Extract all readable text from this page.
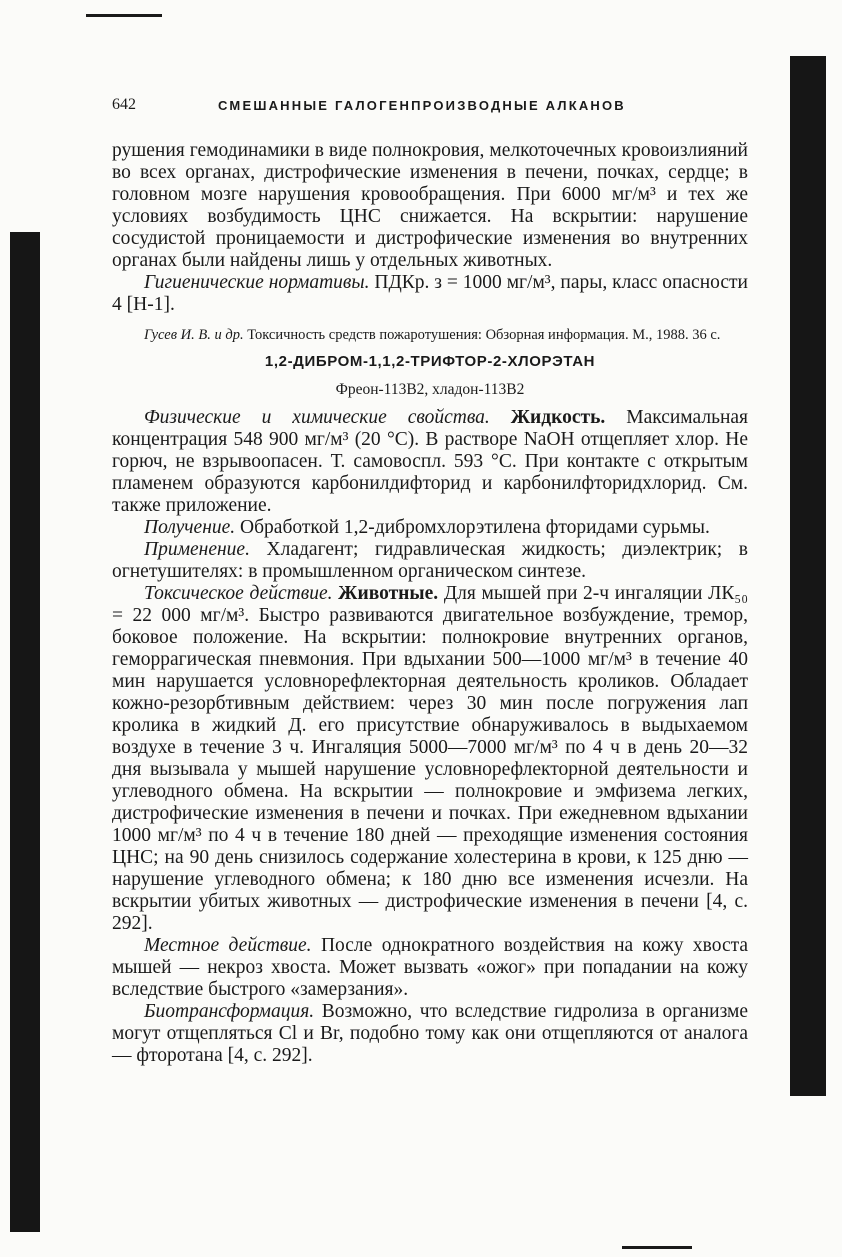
642	СМЕШАННЫЕ ГАЛОГЕНПРОИЗВОДНЫЕ АЛКАНОВ

рушения гемодинамики в виде полнокровия, мелкоточечных кровоизлияний во всех органах, дистрофические изменения в печени, почках, сердце; в головном мозге нарушения кровообращения. При 6000 мг/м³ и тех же условиях возбудимость ЦНС снижается. На вскрытии: нарушение сосудистой проницаемости и дистрофические изменения во внутренних органах были найдены лишь у отдельных животных.

Гигиенические нормативы. ПДКр. з = 1000 мг/м³, пары, класс опасности 4 [Н-1].

Гусев И. В. и др. Токсичность средств пожаротушения: Обзорная информация. М., 1988. 36 с.

1,2-ДИБРОМ-1,1,2-ТРИФТОР-2-ХЛОРЭТАН

Фреон-113В2, хладон-113В2

Физические и химические свойства. Жидкость. Максимальная концентрация 548 900 мг/м³ (20 °С). В растворе NaOH отщепляет хлор. Не горюч, не взрывоопасен. Т. самовоспл. 593 °С. При контакте с открытым пламенем образуются карбонилдифторид и карбонилфторидхлорид. См. также приложение.

Получение. Обработкой 1,2-дибромхлорэтилена фторидами сурьмы.

Применение. Хладагент; гидравлическая жидкость; диэлектрик; в огнетушителях: в промышленном органическом синтезе.

Токсическое действие. Животные. Для мышей при 2-ч ингаляции ЛК₅₀ = 22 000 мг/м³. Быстро развиваются двигательное возбуждение, тремор, боковое положение. На вскрытии: полнокровие внутренних органов, геморрагическая пневмония. При вдыхании 500—1000 мг/м³ в течение 40 мин нарушается условнорефлекторная деятельность кроликов. Обладает кожно-резорбтивным действием: через 30 мин после погружения лап кролика в жидкий Д. его присутствие обнаруживалось в выдыхаемом воздухе в течение 3 ч. Ингаляция 5000—7000 мг/м³ по 4 ч в день 20—32 дня вызывала у мышей нарушение условнорефлекторной деятельности и углеводного обмена. На вскрытии — полнокровие и эмфизема легких, дистрофические изменения в печени и почках. При ежедневном вдыхании 1000 мг/м³ по 4 ч в течение 180 дней — преходящие изменения состояния ЦНС; на 90 день снизилось содержание холестерина в крови, к 125 дню — нарушение углеводного обмена; к 180 дню все изменения исчезли. На вскрытии убитых животных — дистрофические изменения в печени [4, с. 292].

Местное действие. После однократного воздействия на кожу хвоста мышей — некроз хвоста. Может вызвать «ожог» при попадании на кожу вследствие быстрого «замерзания».

Биотрансформация. Возможно, что вследствие гидролиза в организме могут отщепляться Cl и Br, подобно тому как они отщепляются от аналога — фторотана [4, с. 292].
